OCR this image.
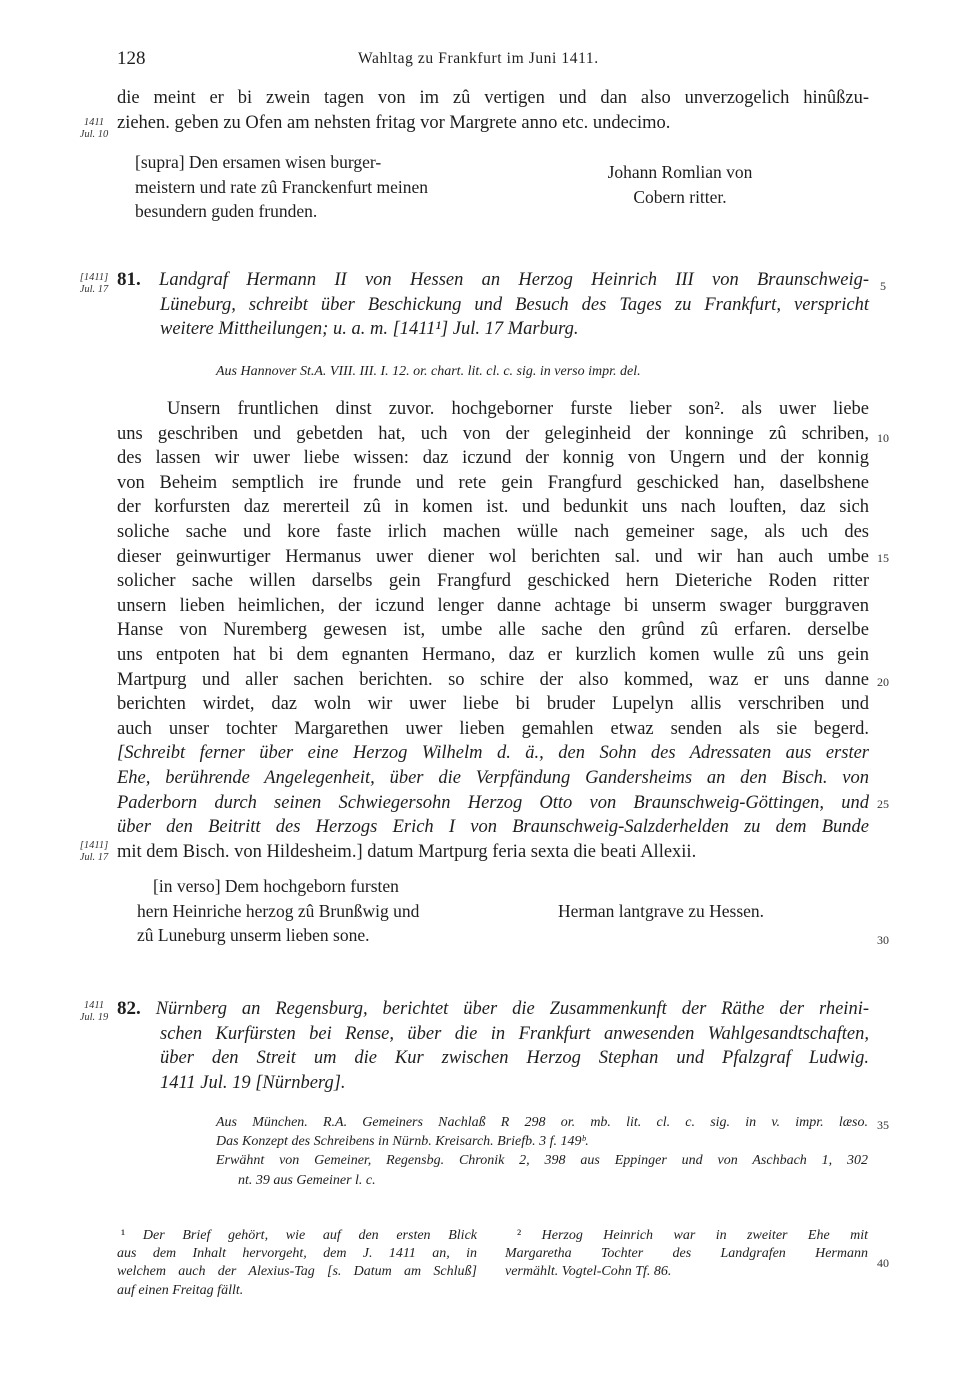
128	Wahltag zu Frankfurt im Juni 1411.
die meint er bi zwein tagen von im zû vertigen und dan also unverzogelich hinûßzu-
ziehen. geben zu Ofen am nehsten fritag vor Margrete anno etc. undecimo.
1411
Jul. 10
[supra] Den ersamen wisen burger-
meistern und rate zû Franckenfurt meinen
besundern guden frunden.
Johann Romlian von
Cobern ritter.
[1411]
Jul. 17 81. Landgraf Hermann II von Hessen an Herzog Heinrich III von Braunschweig-
Lüneburg, schreibt über Beschickung und Besuch des Tages zu Frankfurt, verspricht
weitere Mittheilungen; u. a. m. [1411¹] Jul. 17 Marburg.
Aus Hannover St.A. VIII. III. I. 12. or. chart. lit. cl. c. sig. in verso impr. del.
Unsern fruntlichen dinst zuvor. hochgeborner furste lieber son². als uwer liebe
uns geschriben und gebetden hat, uch von der geleginheid der konninge zû schriben,
des lassen wir uwer liebe wissen: daz iczund der konnig von Ungern und der konnig
von Beheim semptlich ire frunde und rete gein Frangfurd geschicked han, daselbshene
der korfursten daz mererteil zû in komen ist. und bedunkit uns nach louften, daz sich
soliche sache und kore faste irlich machen wülle nach gemeiner sage, als uch des
dieser geinwurtiger Hermanus uwer diener wol berichten sal. und wir han auch umbe
solicher sache willen darselbs gein Frangfurd geschicked hern Dieteriche Roden ritter
unsern lieben heimlichen, der iczund lenger danne achtage bi unserm swager burggraven
Hanse von Nuremberg gewesen ist, umbe alle sache den grûnd zû erfaren. derselbe
uns entpoten hat bi dem egnanten Hermano, daz er kurzlich komen wulle zû uns gein
Martpurg und aller sachen berichten. so schire der also kommed, waz er uns danne
berichten wirdet, daz woln wir uwer liebe bi bruder Lupelyn allis verschriben und
auch unser tochter Margarethen uwer lieben gemahlen etwaz senden als sie begerd.
[Schreibt ferner über eine Herzog Wilhelm d. ä., den Sohn des Adressaten aus erster
Ehe, berührende Angelegenheit, über die Verpfändung Gandersheims an den Bisch. von
Paderborn durch seinen Schwiegersohn Herzog Otto von Braunschweig-Göttingen, und
über den Beitritt des Herzogs Erich I von Braunschweig-Salzderhelden zu dem Bunde
mit dem Bisch. von Hildesheim.] datum Martpurg feria sexta die beati Allexii.
[1411]
Jul. 17
[in verso] Dem hochgeborn fursten
hern Heinriche herzog zû Brunßwig und
zû Luneburg unserm lieben sone.
Herman lantgrave zu Hessen.
1411
Jul. 19 82. Nürnberg an Regensburg, berichtet über die Zusammenkunft der Räthe der rheini-
schen Kurfürsten bei Rense, über die in Frankfurt anwesenden Wahlgesandtschaften,
über den Streit um die Kur zwischen Herzog Stephan und Pfalzgraf Ludwig.
1411 Jul. 19 [Nürnberg].
Aus München. R.A. Gemeiners Nachlaß R 298 or. mb. lit. cl. c. sig. in v. impr. læso.
Das Konzept des Schreibens in Nürnb. Kreisarch. Briefb. 3 f. 149ᵇ.
Erwähnt von Gemeiner, Regensbg. Chronik 2, 398 aus Eppinger und von Aschbach 1, 302
nt. 39 aus Gemeiner l. c.
¹ Der Brief gehört, wie auf den ersten Blick
aus dem Inhalt hervorgeht, dem J. 1411 an, in
welchem auch der Alexius-Tag [s. Datum am Schluß]
auf einen Freitag fällt.
² Herzog Heinrich war in zweiter Ehe mit
Margaretha Tochter des Landgrafen Hermann
vermählt. Vogtel-Cohn Tf. 86.
5
10
15
20
25
30
35
40
